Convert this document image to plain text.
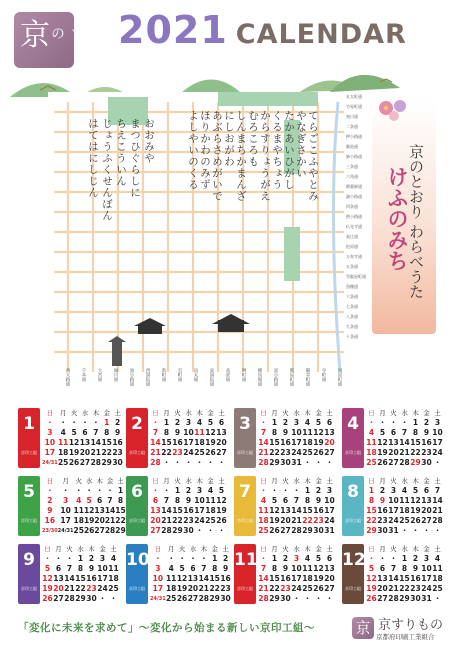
京	すりもの	2021 CALENDAR
てらごこふやとみ
やなぎさかい
たかあいひがし
くるまやちょう
からすりょうがえ
むろころも
しんまちかまんざ
にしおがわ
あぶらさめがいで
ほりかわのみず
よしやいのくる
おおみや
まつひぐらしに
ちえこういん
じょうふくせんぼん
はてはにしじん	京のとおり わらべうた
けふのみち
丸太町通
竹屋町通
夷川通
二条通
押小路通
御池通
姉小路通
三条通
六角通
蛸薬師通
錦小路通
四条通
綾小路通
仏光寺通
高辻通
松原通
万寿寺通
五条通
雪駄屋町通
魚棚通
六条通
七条通
八条通
九条通
十条通
西大路通 千本通 大宮通 堀川通 油小路通 西洞院通 新町通 室町通 烏丸通 東洞院通 高倉通 堺町通 柳馬場通 富小路通 麩屋町通 御幸町通 寺町通 河原町通
1
京印工組
日	月	火	水	木	金	土
・	・	・	・	・	1	2
3	4	5	6	7	8	9
10	11	12	13	14	15	16
17	18	19	20	21	22	23
24/31	25	26	27	28	29	30
2
京印工組
日	月	火	水	木	金	土
・	1	2	3	4	5	6
7	8	9	10	11	12	13
14	15	16	17	18	19	20
21	22	23	24	25	26	27
28	・	・	・	・	・	・
3
京印工組
日	月	火	水	木	金	土
・	1	2	3	4	5	6
7	8	9	10	11	12	13
14	15	16	17	18	19	20
21	22	23	24	25	26	27
28	29	30	31	・	・	・
4
京印工組
日	月	火	水	木	金	土
・	・	・	・	1	2	3
4	5	6	7	8	9	10
11	12	13	14	15	16	17
18	19	20	21	22	23	24
25	26	27	28	29	30	・
5
京印工組
日	月	火	水	木	金	土
・	・	・	・	・	・	1
2	3	4	5	6	7	8
9	10	11	12	13	14	15
16	17	18	19	20	21	22
23/30	24/31	25	26	27	28	29
6
京印工組
日	月	火	水	木	金	土
・	・	1	2	3	4	5
6	7	8	9	10	11	12
13	14	15	16	17	18	19
20	21	22	23	24	25	26
27	28	29	30	・	・	・
7
京印工組
日	月	火	水	木	金	土
・	・	・	・	1	2	3
4	5	6	7	8	9	10
11	12	13	14	15	16	17
18	19	20	21	22	23	24
25	26	27	28	29	30	31
8
京印工組
日	月	火	水	木	金	土
1	2	3	4	5	6	7
8	9	10	11	12	13	14
15	16	17	18	19	20	21
22	23	24	25	26	27	28
29	30	31	・	・	・	・
9
京印工組
日	月	火	水	木	金	土
・	・	・	1	2	3	4
5	6	7	8	9	10	11
12	13	14	15	16	17	18
19	20	21	22	23	24	25
26	27	28	29	30	・	・
10
京印工組
日	月	火	水	木	金	土
・	・	・	・	・	1	2
3	4	5	6	7	8	9
10	11	12	13	14	15	16
17	18	19	20	21	22	23
24/31	25	26	27	28	29	30
11
京印工組
日	月	火	水	木	金	土
・	1	2	3	4	5	6
7	8	9	10	11	12	13
14	15	16	17	18	19	20
21	22	23	24	25	26	27
28	29	30	・	・	・	・
12
京印工組
日	月	火	水	木	金	土
・	・	・	1	2	3	4
5	6	7	8	9	10	11
12	13	14	15	16	17	18
19	20	21	22	23	24	25
26	27	28	29	30	31	・
「変化に未来を求めて」～変化から始まる新しい京印工組～	京 京すりもの
京都府印刷工業組合
